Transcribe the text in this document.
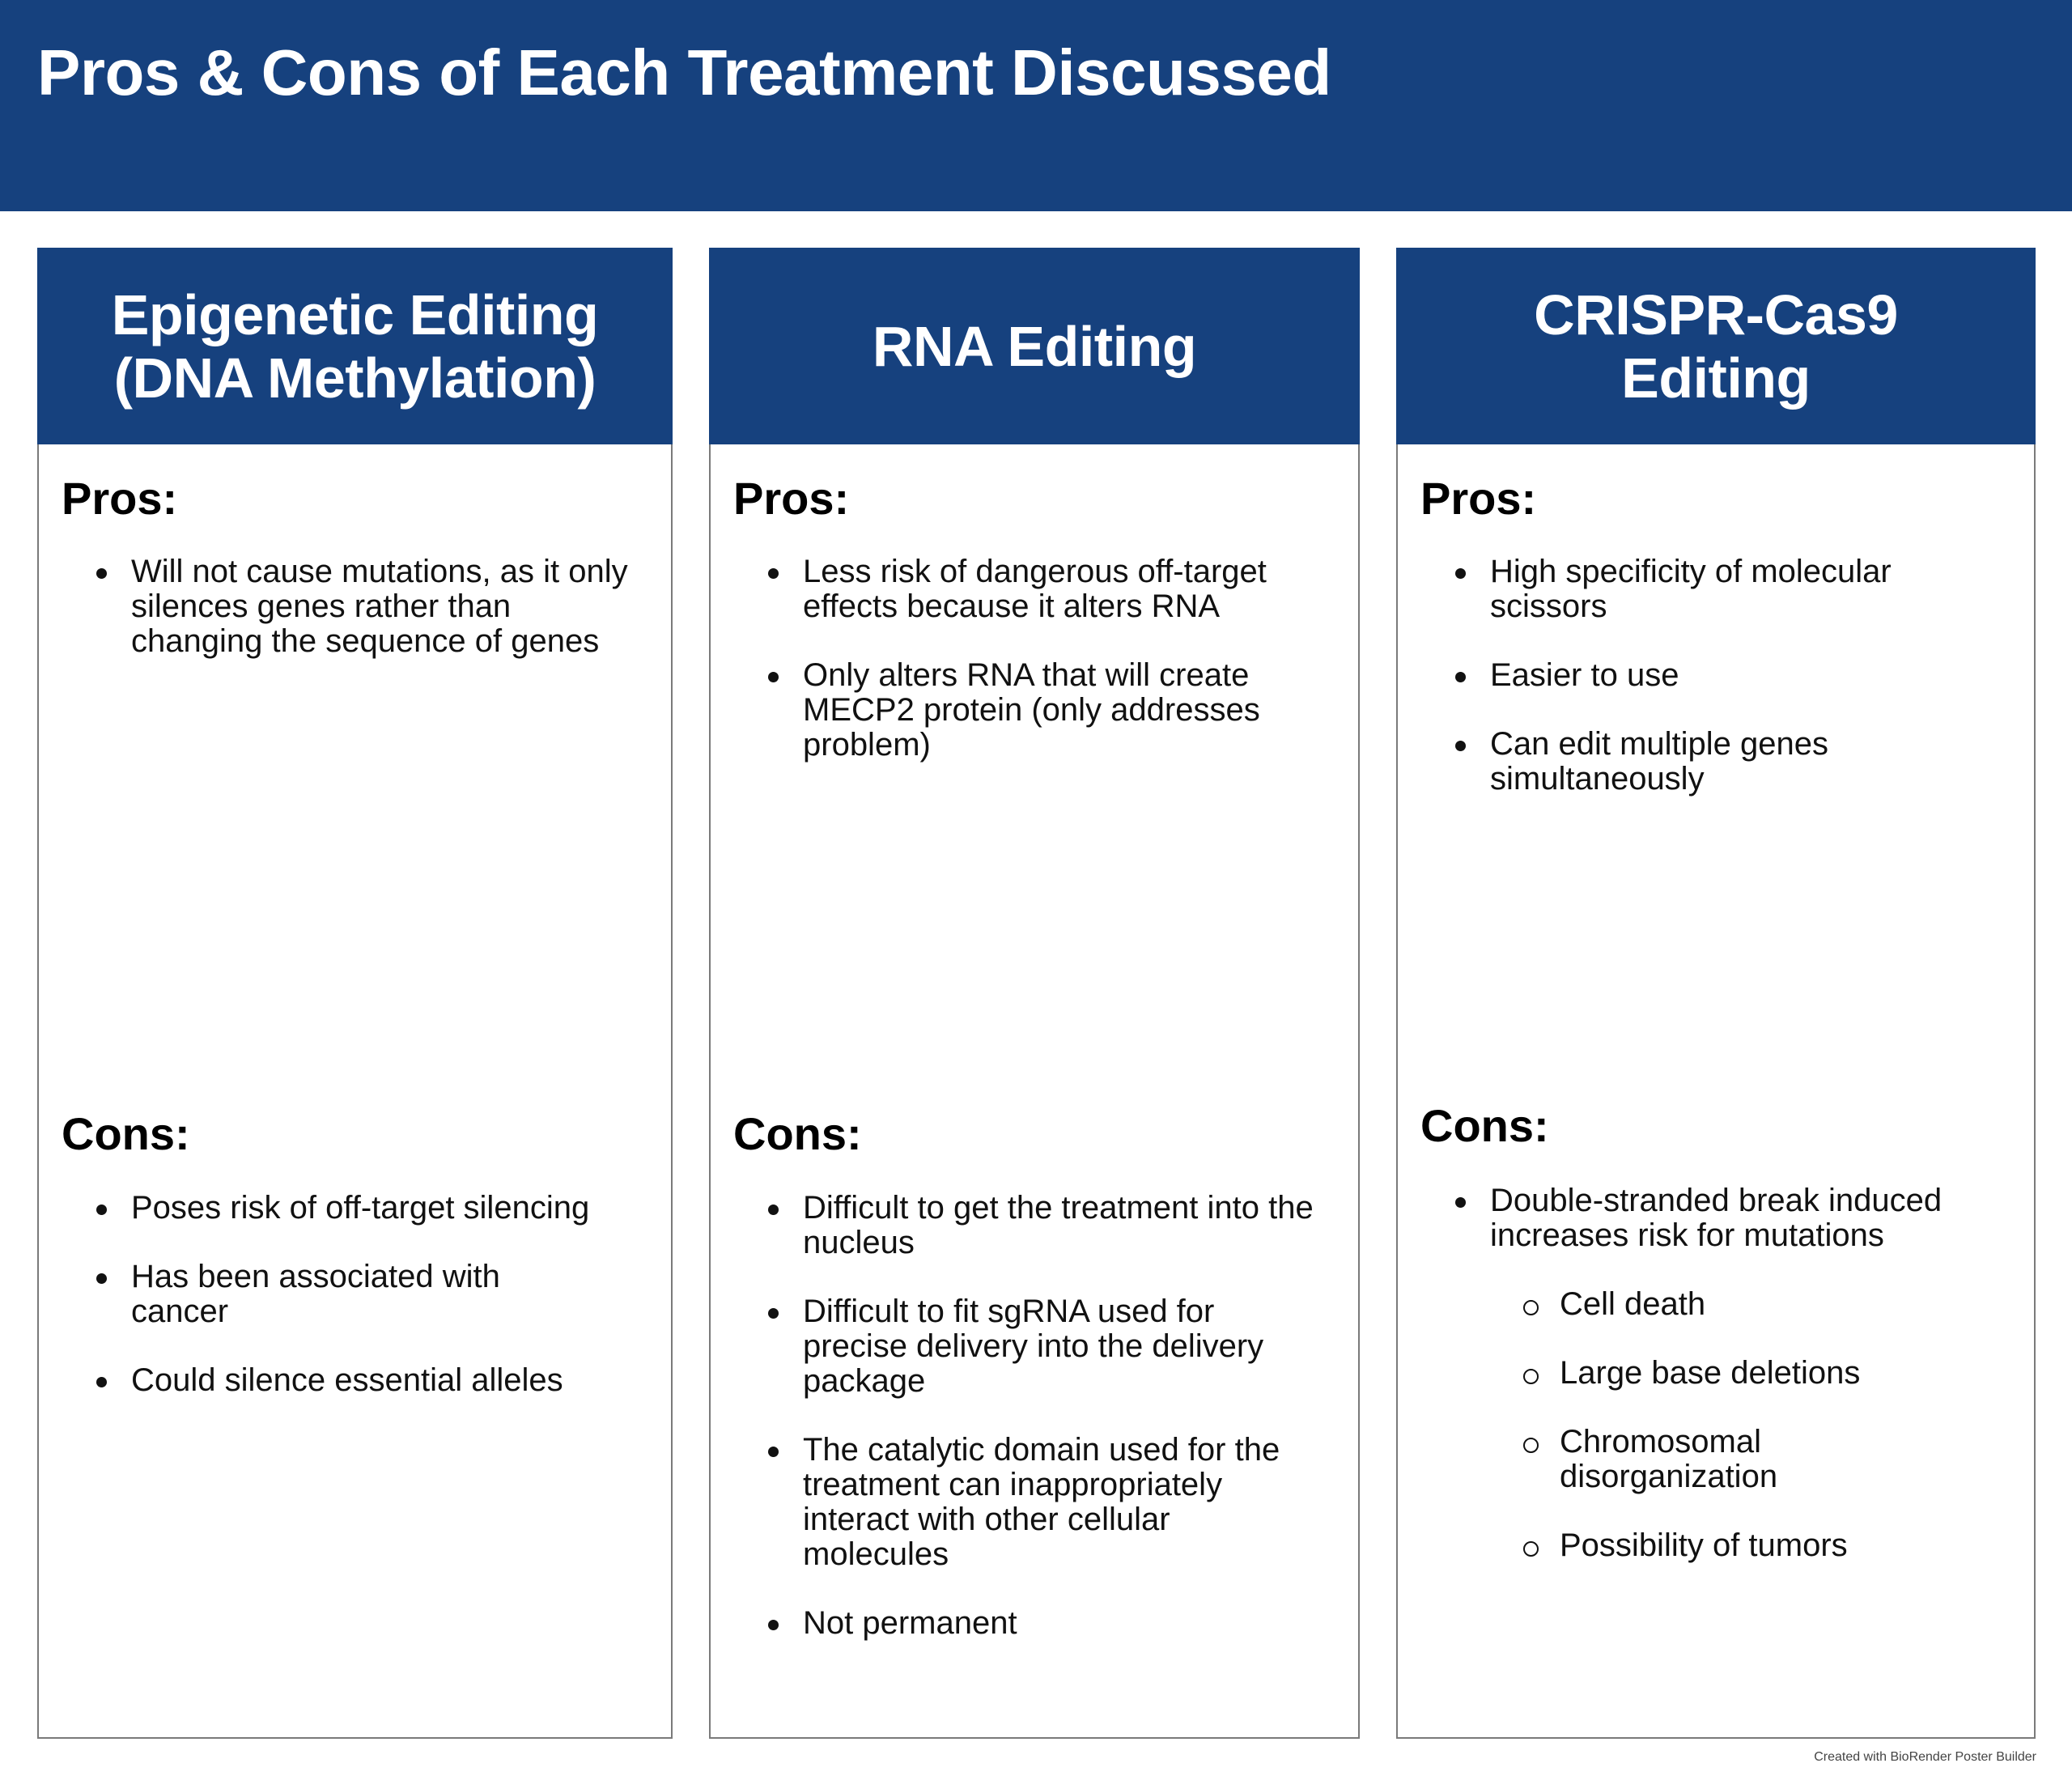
Pros & Cons of Each Treatment Discussed
Epigenetic Editing
(DNA Methylation)
Pros:
Will not cause mutations, as it only silences genes rather than changing the sequence of genes
Cons:
Poses risk of off-target silencing
Has been associated with cancer
Could silence essential alleles
RNA Editing
Pros:
Less risk of dangerous off-target effects because it alters RNA
Only alters RNA that will create MECP2 protein (only addresses problem)
Cons:
Difficult to get the treatment into the nucleus
Difficult to fit sgRNA used for precise delivery into the delivery package
The catalytic domain used for the treatment can inappropriately interact with other cellular molecules
Not permanent
CRISPR-Cas9
Editing
Pros:
High specificity of molecular scissors
Easier to use
Can edit multiple genes simultaneously
Cons:
Double-stranded break induced increases risk for mutations
Cell death
Large base deletions
Chromosomal disorganization
Possibility of tumors
Created with BioRender Poster Builder
